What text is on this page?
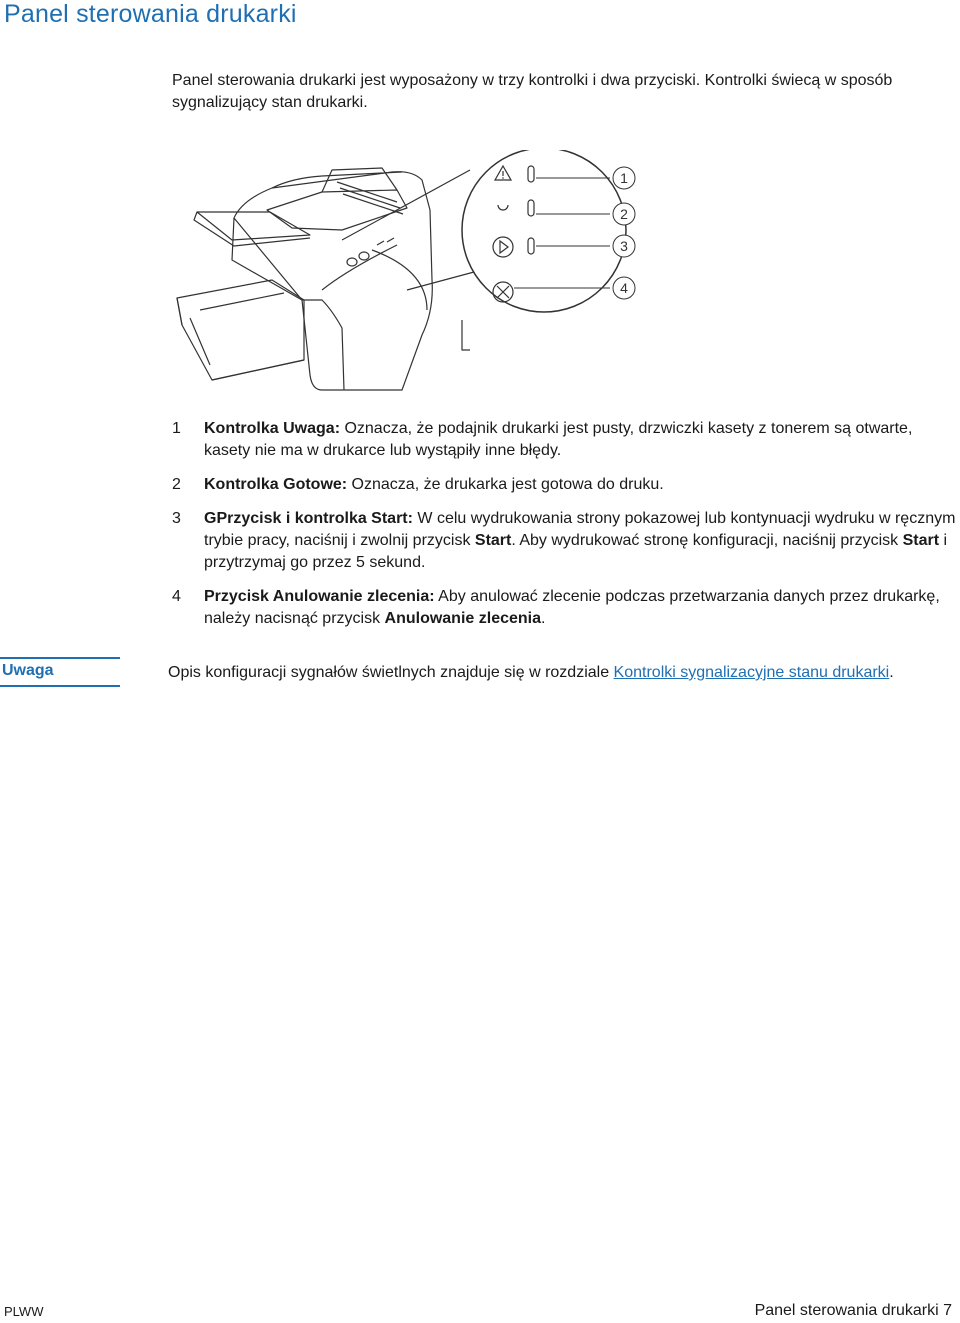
Panel sterowania drukarki

Panel sterowania drukarki jest wyposażony w trzy kontrolki i dwa przyciski. Kontrolki świecą w sposób sygnalizujący stan drukarki.

1
2
3
4
1	Kontrolka Uwaga: Oznacza, że podajnik drukarki jest pusty, drzwiczki kasety z tonerem są otwarte, kasety nie ma w drukarce lub wystąpiły inne błędy.
2	Kontrolka Gotowe: Oznacza, że drukarka jest gotowa do druku.
3	GPrzycisk i kontrolka Start: W celu wydrukowania strony pokazowej lub kontynuacji wydruku w ręcznym trybie pracy, naciśnij i zwolnij przycisk Start. Aby wydrukować stronę konfiguracji, naciśnij przycisk Start i przytrzymaj go przez 5 sekund.
4	Przycisk Anulowanie zlecenia: Aby anulować zlecenie podczas przetwarzania danych przez drukarkę, należy nacisnąć przycisk Anulowanie zlecenia.
Uwaga	Opis konfiguracji sygnałów świetlnych znajduje się w rozdziale Kontrolki sygnalizacyjne stanu drukarki.
PLWW	Panel sterowania drukarki 7
